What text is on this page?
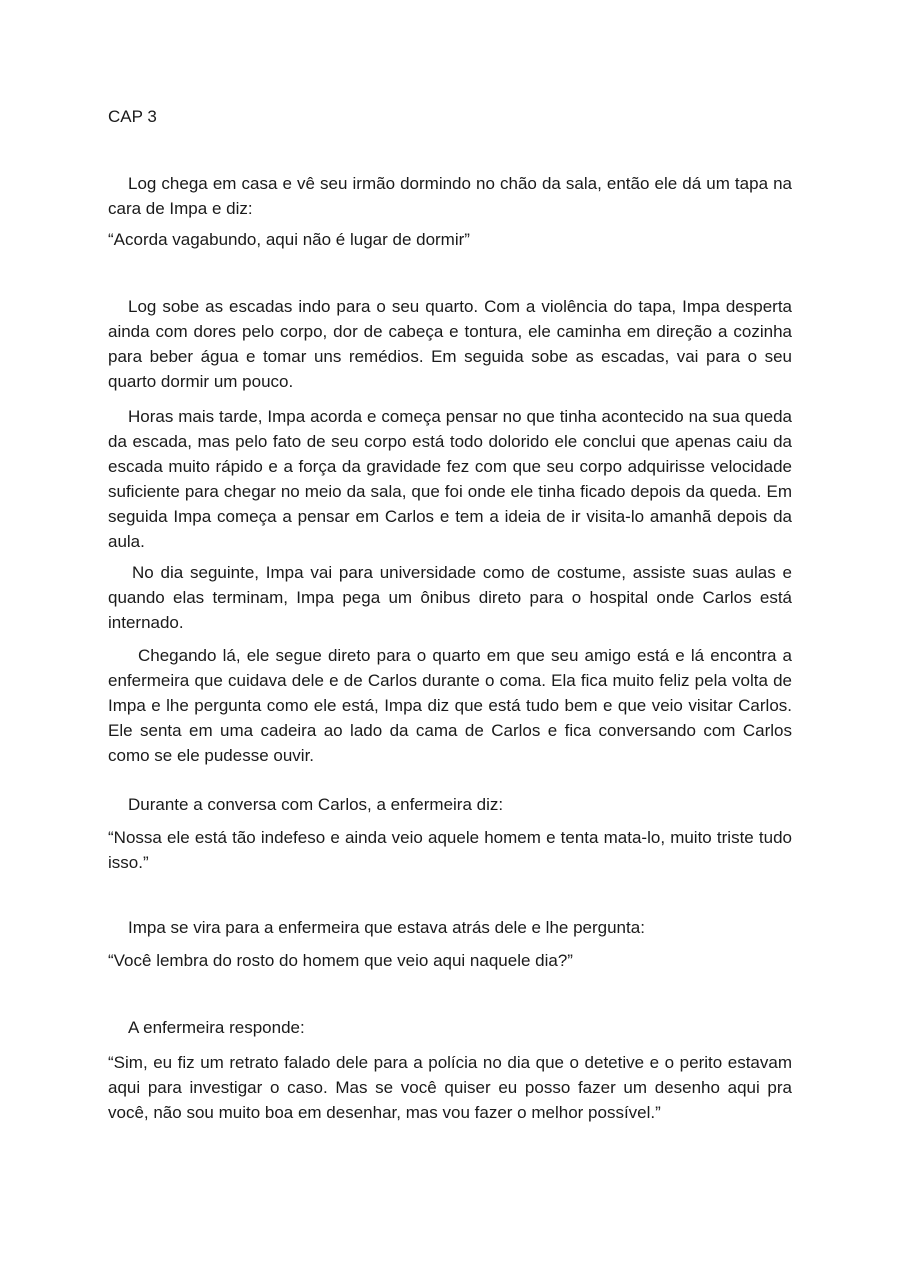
CAP 3

Log chega em casa e vê seu irmão dormindo no chão da sala, então ele dá um tapa na cara de Impa e diz:

“Acorda vagabundo, aqui não é lugar de dormir”

Log sobe as escadas indo para o seu quarto. Com a violência do tapa, Impa desperta ainda com dores pelo corpo, dor de cabeça e tontura, ele caminha em direção a cozinha para beber água e tomar uns remédios. Em seguida sobe as escadas, vai para o seu quarto dormir um pouco.

Horas mais tarde, Impa acorda e começa pensar no que tinha acontecido na sua queda da escada, mas pelo fato de seu corpo está todo dolorido ele conclui que apenas caiu da escada muito rápido e a força da gravidade fez com que seu corpo adquirisse velocidade suficiente para chegar no meio da sala, que foi onde ele tinha ficado depois da queda. Em seguida Impa começa a pensar em Carlos e tem a ideia de ir visita-lo amanhã depois da aula.

No dia seguinte, Impa vai para universidade como de costume, assiste suas aulas e quando elas terminam, Impa pega um ônibus direto para o hospital onde Carlos está internado.

Chegando lá, ele segue direto para o quarto em que seu amigo está e lá encontra a enfermeira que cuidava dele e de Carlos durante o coma. Ela fica muito feliz pela volta de Impa e lhe pergunta como ele está, Impa diz que está tudo bem e que veio visitar Carlos. Ele senta em uma cadeira ao lado da cama de Carlos e fica conversando com Carlos como se ele pudesse ouvir.

Durante a conversa com Carlos, a enfermeira diz:

“Nossa ele está tão indefeso e ainda veio aquele homem e tenta mata-lo, muito triste tudo isso.”

Impa se vira para a enfermeira que estava atrás dele e lhe pergunta:

“Você lembra do rosto do homem que veio aqui naquele dia?”

A enfermeira responde:

“Sim, eu fiz um retrato falado dele para a polícia no dia que o detetive e o perito estavam aqui para investigar o caso. Mas se você quiser eu posso fazer um desenho aqui pra você, não sou muito boa em desenhar, mas vou fazer o melhor possível.”
